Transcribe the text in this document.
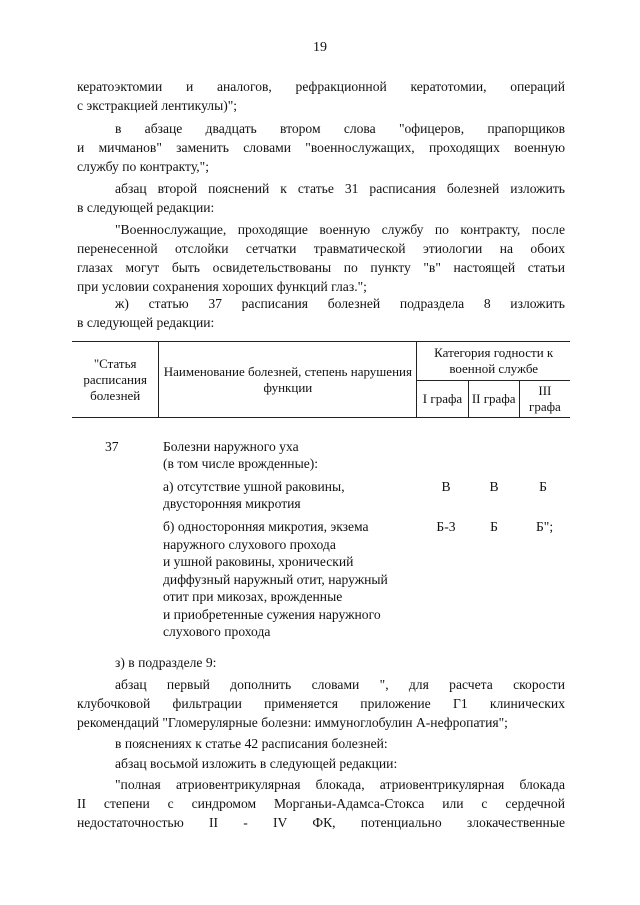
19
кератоэктомии и аналогов, рефракционной кератотомии, операций
с экстракцией лентикулы)";
в абзаце двадцать втором слова "офицеров, прапорщиков
и мичманов" заменить словами "военнослужащих, проходящих военную
службу по контракту,";
абзац второй пояснений к статье 31 расписания болезней изложить
в следующей редакции:
"Военнослужащие, проходящие военную службу по контракту, после
перенесенной отслойки сетчатки травматической этиологии на обоих
глазах могут быть освидетельствованы по пункту "в" настоящей статьи
при условии сохранения хороших функций глаз.";
ж) статью 37 расписания болезней подраздела 8 изложить
в следующей редакции:
"Статья расписания болезней	Наименование болезней, степень нарушения функции	Категория годности к военной службе		
		I графа	II графа	III графа
37	Болезни наружного уха
(в том числе врожденные):
а) отсутствие ушной раковины,
двусторонняя микротия
В	В	Б
б) односторонняя микротия, экзема
наружного слухового прохода
и ушной раковины, хронический
диффузный наружный отит, наружный
отит при микозах, врожденные
и приобретенные сужения наружного
слухового прохода
Б-3	Б	Б";
з) в подразделе 9:
абзац первый дополнить словами ", для расчета скорости
клубочковой фильтрации применяется приложение Г1 клинических
рекомендаций "Гломерулярные болезни: иммуноглобулин А-нефропатия";
в пояснениях к статье 42 расписания болезней:
абзац восьмой изложить в следующей редакции:
"полная атриовентрикулярная блокада, атриовентрикулярная блокада
II степени с синдромом Морганьи-Адамса-Стокса или с сердечной
недостаточностью II - IV ФК, потенциально злокачественные
